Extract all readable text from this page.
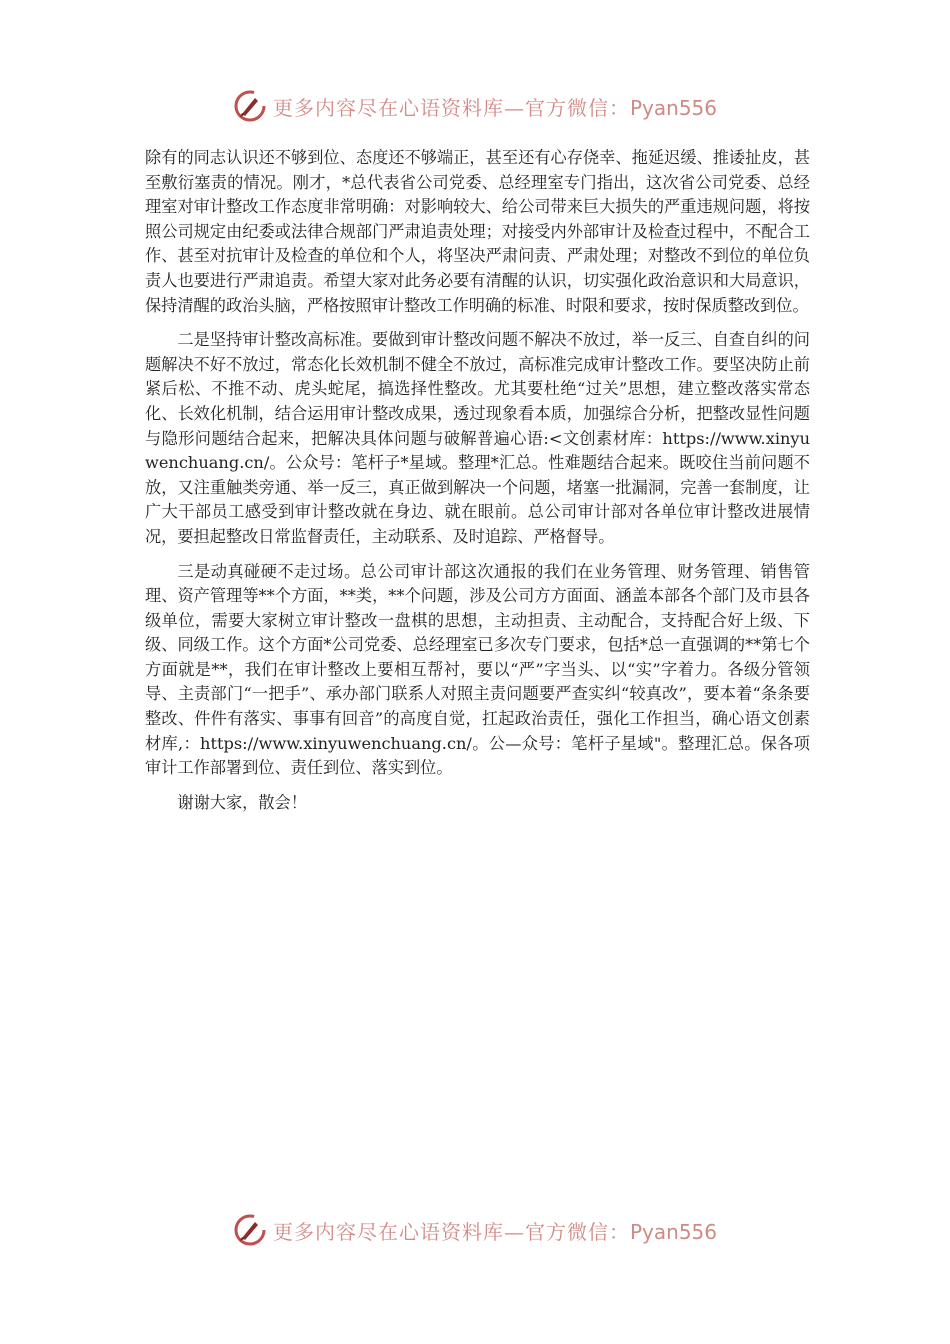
更多内容尽在心语资料库—官方微信：Pyan556

除有的同志认识还不够到位、态度还不够端正，甚至还有心存侥幸、拖延迟缓、推诿扯皮，甚至敷衍塞责的情况。刚才，*总代表省公司党委、总经理室专门指出，这次省公司党委、总经理室对审计整改工作态度非常明确：对影响较大、给公司带来巨大损失的严重违规问题，将按照公司规定由纪委或法律合规部门严肃追责处理；对接受内外部审计及检查过程中，不配合工作、甚至对抗审计及检查的单位和个人，将坚决严肃问责、严肃处理；对整改不到位的单位负责人也要进行严肃追责。希望大家对此务必要有清醒的认识，切实强化政治意识和大局意识，保持清醒的政治头脑，严格按照审计整改工作明确的标准、时限和要求，按时保质整改到位。

二是坚持审计整改高标准。要做到审计整改问题不解决不放过，举一反三、自查自纠的问题解决不好不放过，常态化长效机制不健全不放过，高标准完成审计整改工作。要坚决防止前紧后松、不推不动、虎头蛇尾，搞选择性整改。尤其要杜绝“过关”思想，建立整改落实常态化、长效化机制，结合运用审计整改成果，透过现象看本质，加强综合分析，把整改显性问题与隐形问题结合起来，把解决具体问题与破解普遍心语:<文创素材库：https://www.xinyuwenchuang.cn/。公众号：笔杆子*星域。整理*汇总。性难题结合起来。既咬住当前问题不放，又注重触类旁通、举一反三，真正做到解决一个问题，堵塞一批漏洞，完善一套制度，让广大干部员工感受到审计整改就在身边、就在眼前。总公司审计部对各单位审计整改进展情况，要担起整改日常监督责任，主动联系、及时追踪、严格督导。

三是动真碰硬不走过场。总公司审计部这次通报的我们在业务管理、财务管理、销售管理、资产管理等**个方面，**类，**个问题，涉及公司方方面面、涵盖本部各个部门及市县各级单位，需要大家树立审计整改一盘棋的思想，主动担责、主动配合，支持配合好上级、下级、同级工作。这个方面*公司党委、总经理室已多次专门要求，包括*总一直强调的**第七个方面就是**，我们在审计整改上要相互帮衬，要以“严”字当头、以“实”字着力。各级分管领导、主责部门“一把手”、承办部门联系人对照主责问题要严查实纠“较真改”，要本着“条条要整改、件件有落实、事事有回音”的高度自觉，扛起政治责任，强化工作担当，确心语文创素材库,：https://www.xinyuwenchuang.cn/。公—众号：笔杆子星域"。整理汇总。保各项审计工作部署到位、责任到位、落实到位。

谢谢大家，散会！

更多内容尽在心语资料库—官方微信：Pyan556
